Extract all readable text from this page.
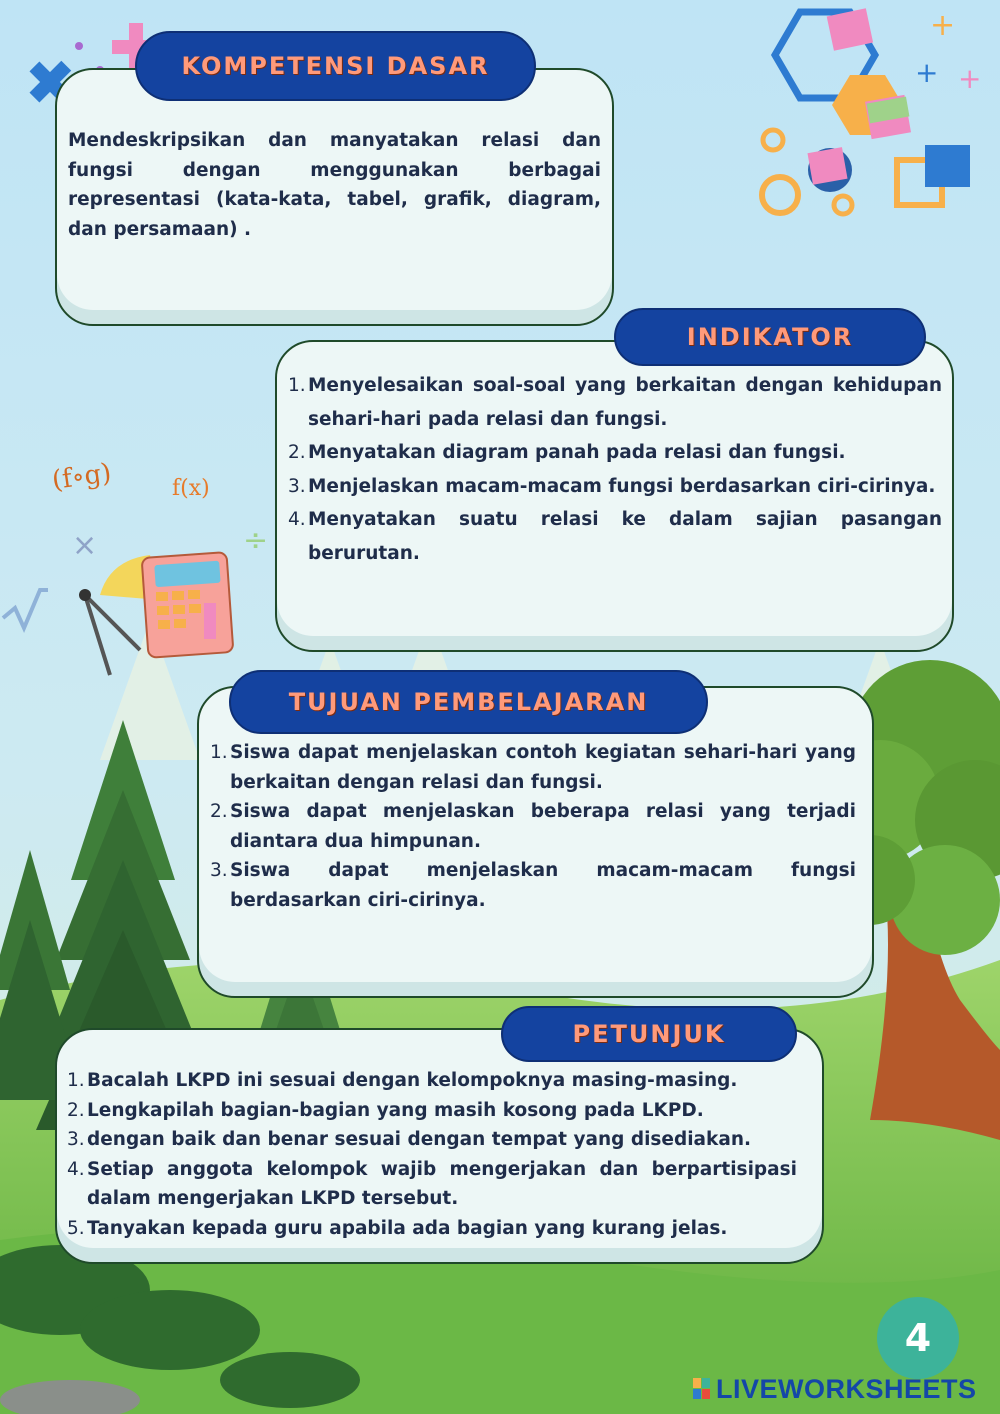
+
+ +
×	÷
(f∘g)	f(x)
KOMPETENSI DASAR
Mendeskripsikan dan manyatakan relasi dan fungsi dengan menggunakan berbagai representasi (kata-kata, tabel, grafik, diagram, dan persamaan) .
INDIKATOR
1. Menyelesaikan soal-soal yang berkaitan dengan kehidupan sehari-hari pada relasi dan fungsi.
2. Menyatakan diagram panah pada relasi dan fungsi.
3. Menjelaskan macam-macam fungsi berdasarkan ciri-cirinya.
4. Menyatakan suatu relasi ke dalam sajian pasangan berurutan.
TUJUAN PEMBELAJARAN
1. Siswa dapat menjelaskan contoh kegiatan sehari-hari yang berkaitan dengan relasi dan fungsi.
2. Siswa dapat menjelaskan beberapa relasi yang terjadi diantara dua himpunan.
3. Siswa dapat menjelaskan macam-macam fungsi berdasarkan ciri-cirinya.
PETUNJUK
1. Bacalah LKPD ini sesuai dengan kelompoknya masing-masing.
2. Lengkapilah bagian-bagian yang masih kosong pada LKPD.
3. dengan baik dan benar sesuai dengan tempat yang disediakan.
4. Setiap anggota kelompok wajib mengerjakan dan berpartisipasi dalam mengerjakan LKPD tersebut.
5. Tanyakan kepada guru apabila ada bagian yang kurang jelas.
4
LIVEWORKSHEETS
